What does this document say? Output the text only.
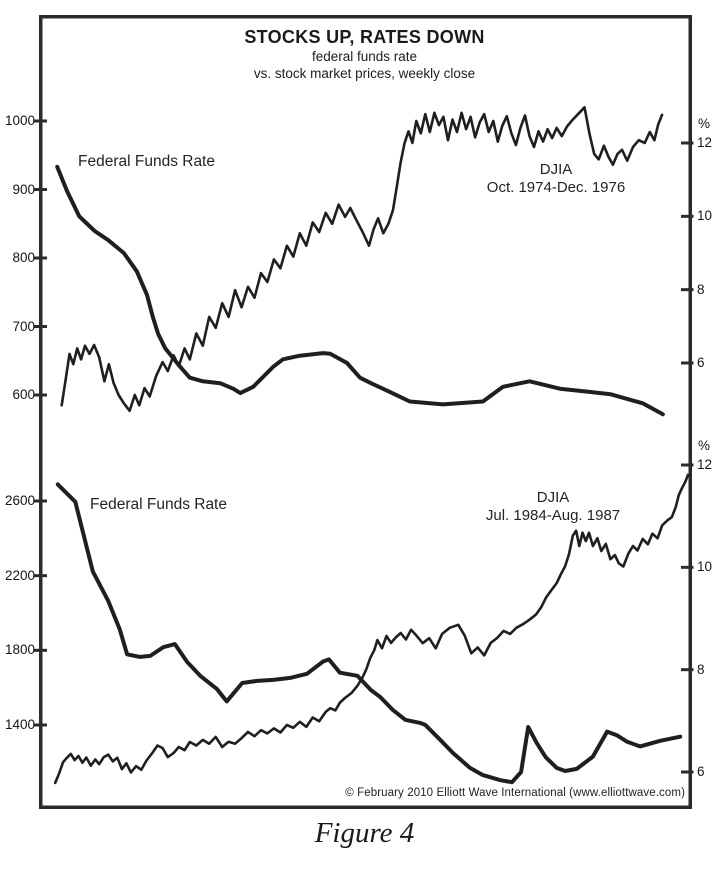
STOCKS UP, RATES DOWN
federal funds rate
vs. stock market prices, weekly close
Federal Funds Rate	DJIA
Oct. 1974-Dec. 1976
Federal Funds Rate	DJIA
Jul. 1984-Aug. 1987
© February 2010 Elliott Wave International (www.elliottwave.com)
Figure 4
600
700
800
900
1000
6
8
10
12
%
1400
1800
2200
2600
6
8
10
12
%
